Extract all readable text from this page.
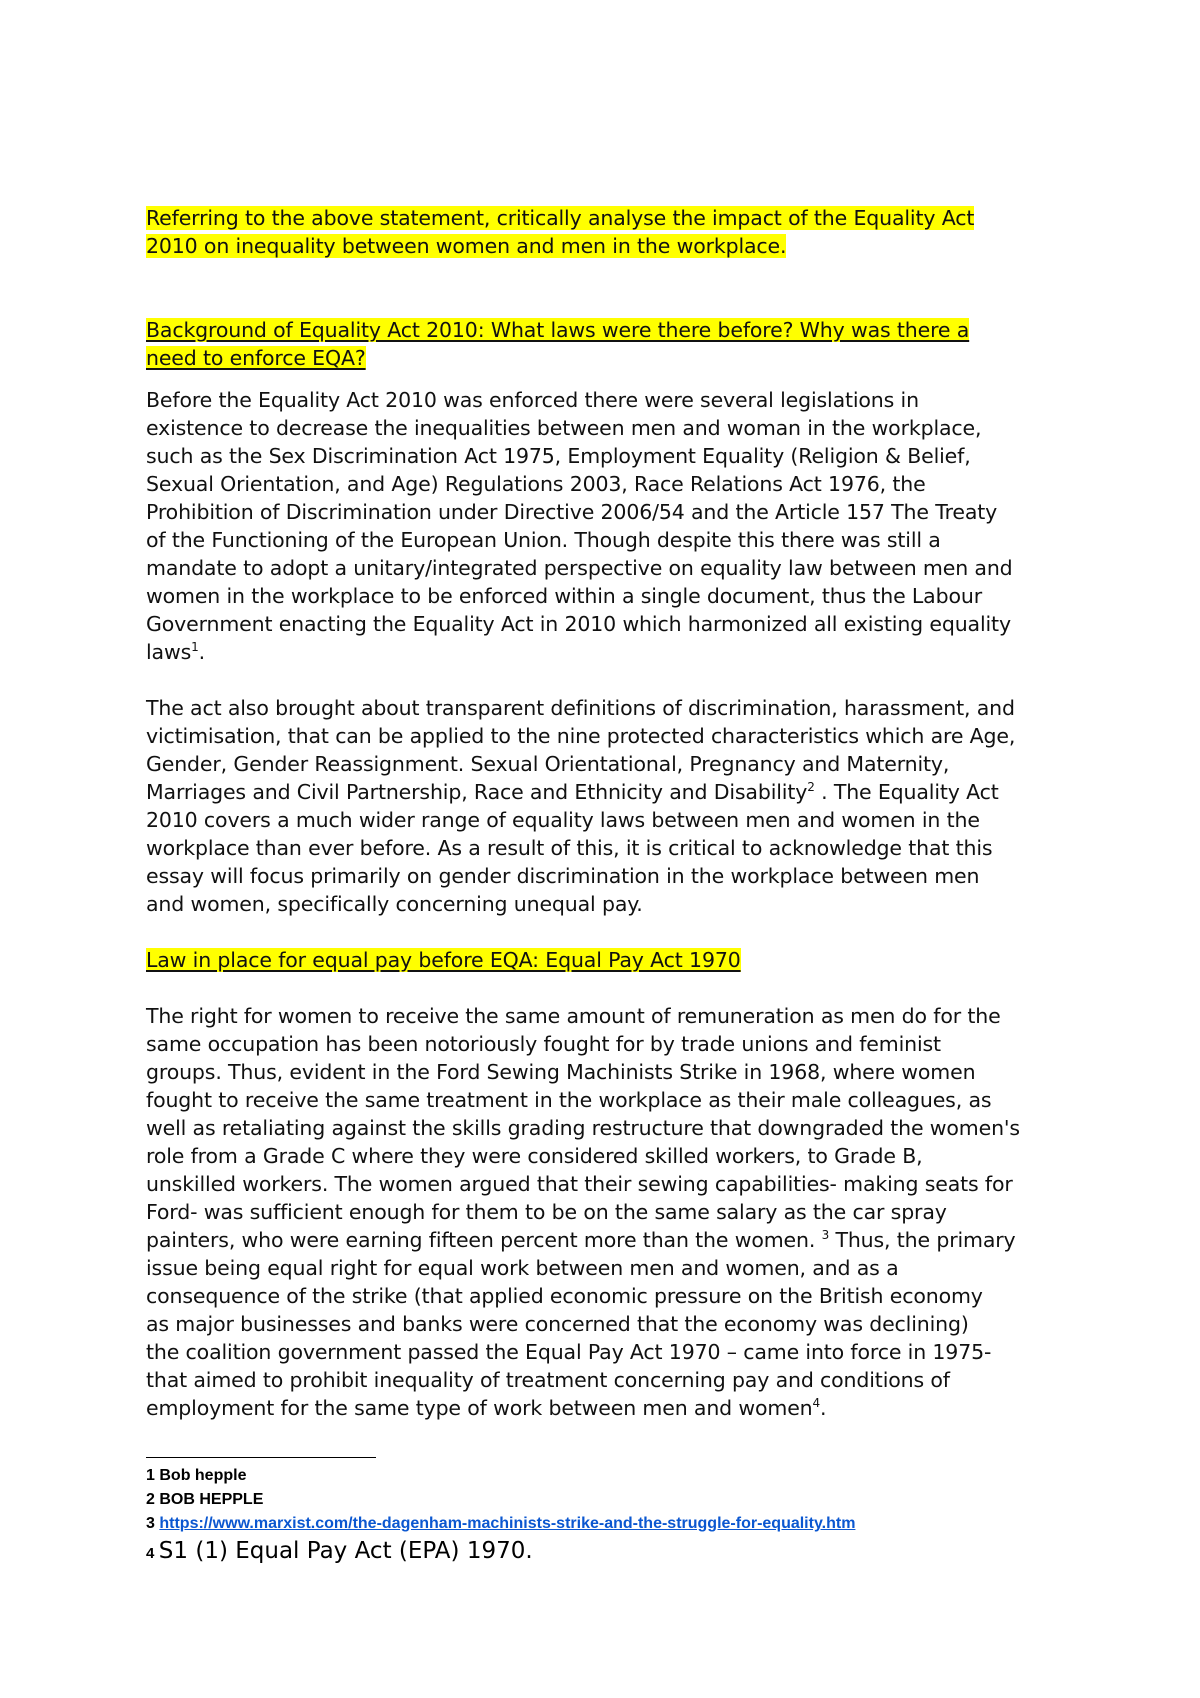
Referring to the above statement, critically analyse the impact of the Equality Act
2010 on inequality between women and men in the workplace.

Background of Equality Act 2010: What laws were there before? Why was there a
need to enforce EQA?

Before the Equality Act 2010 was enforced there were several legislations in
existence to decrease the inequalities between men and woman in the workplace,
such as the Sex Discrimination Act 1975, Employment Equality (Religion & Belief,
Sexual Orientation, and Age) Regulations 2003, Race Relations Act 1976, the
Prohibition of Discrimination under Directive 2006/54 and the Article 157 The Treaty
of the Functioning of the European Union. Though despite this there was still a
mandate to adopt a unitary/integrated perspective on equality law between men and
women in the workplace to be enforced within a single document, thus the Labour
Government enacting the Equality Act in 2010 which harmonized all existing equality
laws$^1$.

The act also brought about transparent definitions of discrimination, harassment, and
victimisation, that can be applied to the nine protected characteristics which are Age,
Gender, Gender Reassignment. Sexual Orientational, Pregnancy and Maternity,
Marriages and Civil Partnership, Race and Ethnicity and Disability$^2$ . The Equality Act
2010 covers a much wider range of equality laws between men and women in the
workplace than ever before. As a result of this, it is critical to acknowledge that this
essay will focus primarily on gender discrimination in the workplace between men
and women, specifically concerning unequal pay.

Law in place for equal pay before EQA: Equal Pay Act 1970

The right for women to receive the same amount of remuneration as men do for the
same occupation has been notoriously fought for by trade unions and feminist
groups. Thus, evident in the Ford Sewing Machinists Strike in 1968, where women
fought to receive the same treatment in the workplace as their male colleagues, as
well as retaliating against the skills grading restructure that downgraded the women's
role from a Grade C where they were considered skilled workers, to Grade B,
unskilled workers. The women argued that their sewing capabilities- making seats for
Ford- was sufficient enough for them to be on the same salary as the car spray
painters, who were earning fifteen percent more than the women. $^3$ Thus, the primary
issue being equal right for equal work between men and women, and as a
consequence of the strike (that applied economic pressure on the British economy
as major businesses and banks were concerned that the economy was declining)
the coalition government passed the Equal Pay Act 1970 – came into force in 1975-
that aimed to prohibit inequality of treatment concerning pay and conditions of
employment for the same type of work between men and women$^4$.

1 Bob hepple
2 BOB HEPPLE
3 https://www.marxist.com/the-dagenham-machinists-strike-and-the-struggle-for-equality.htm
4 S1 (1) Equal Pay Act (EPA) 1970.
